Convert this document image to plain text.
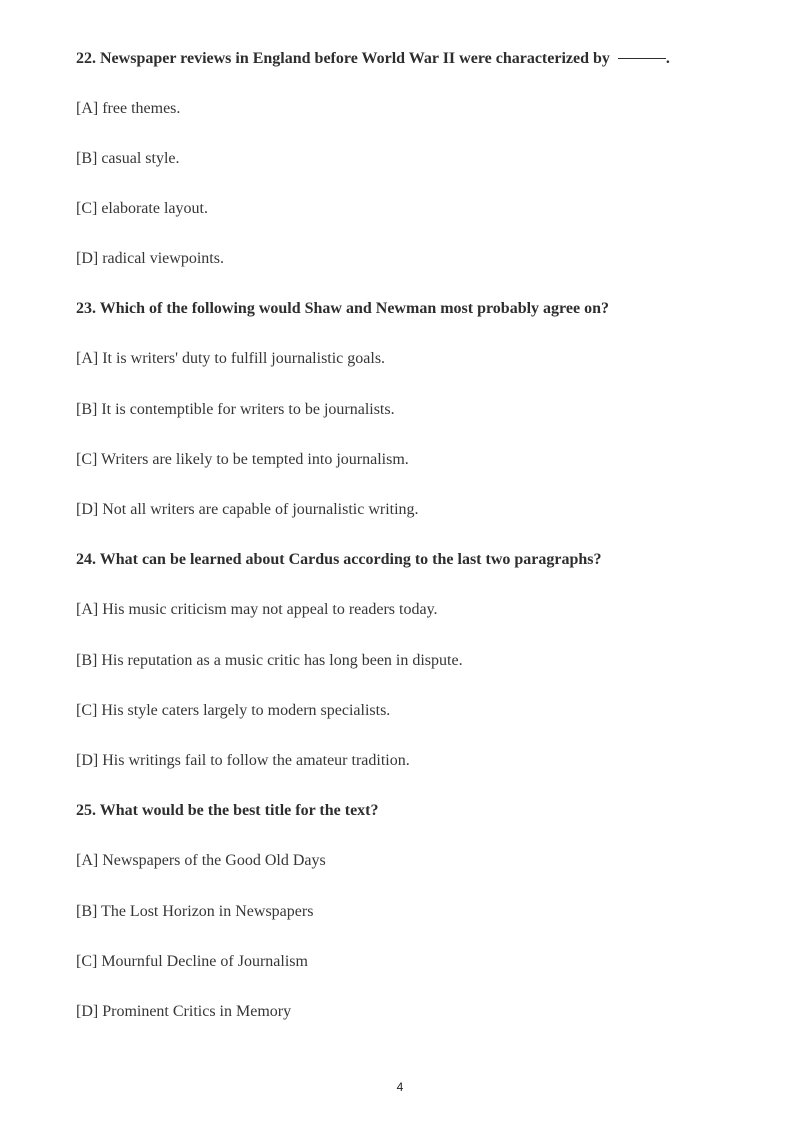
22. Newspaper reviews in England before World War II were characterized by	.
[A] free themes.
[B] casual style.
[C] elaborate layout.
[D] radical viewpoints.
23. Which of the following would Shaw and Newman most probably agree on?
[A] It is writers' duty to fulfill journalistic goals.
[B] It is contemptible for writers to be journalists.
[C] Writers are likely to be tempted into journalism.
[D] Not all writers are capable of journalistic writing.
24. What can be learned about Cardus according to the last two paragraphs?
[A] His music criticism may not appeal to readers today.
[B] His reputation as a music critic has long been in dispute.
[C] His style caters largely to modern specialists.
[D] His writings fail to follow the amateur tradition.
25. What would be the best title for the text?
[A] Newspapers of the Good Old Days
[B] The Lost Horizon in Newspapers
[C] Mournful Decline of Journalism
[D] Prominent Critics in Memory
4
